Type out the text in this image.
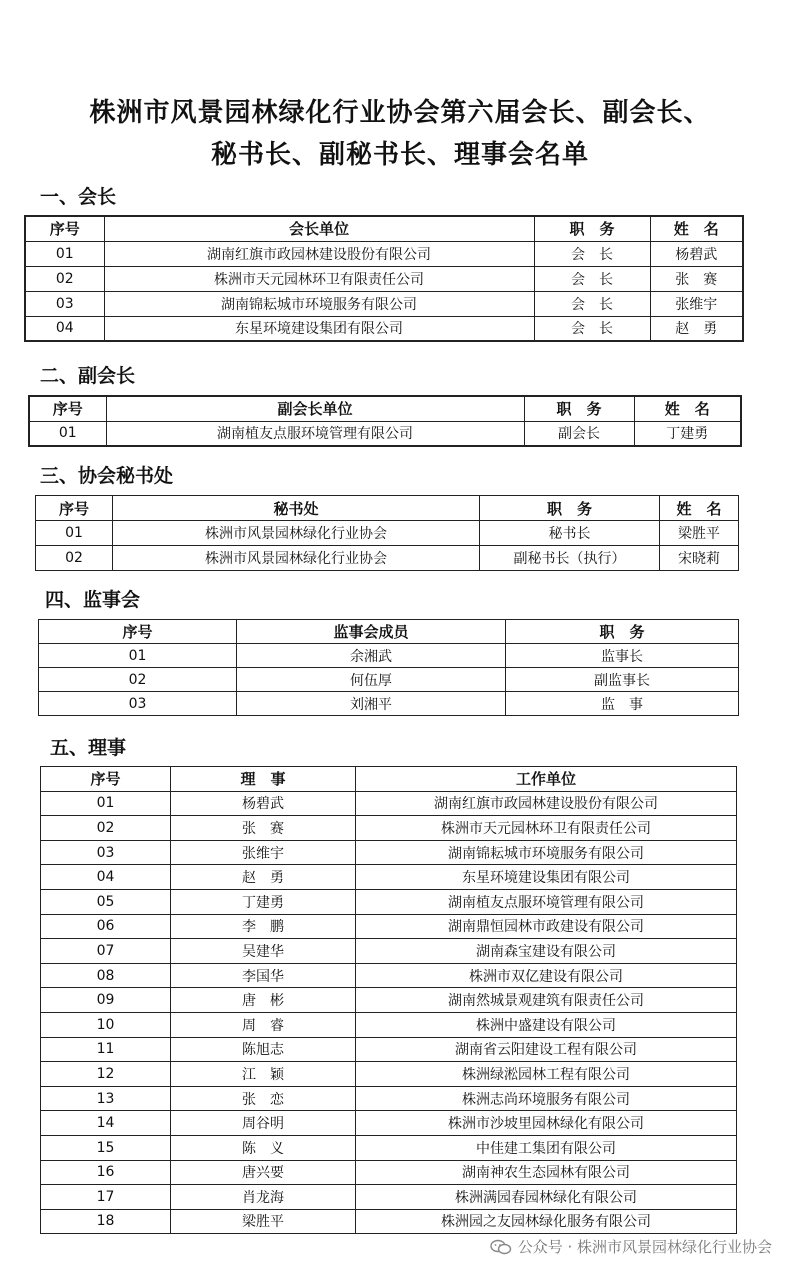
株洲市风景园林绿化行业协会第六届会长、副会长、
秘书长、副秘书长、理事会名单
一、会长
序号	会长单位	职　务	姓　名
01	湖南红旗市政园林建设股份有限公司	会　长	杨碧武
02	株洲市天元园林环卫有限责任公司	会　长	张　赛
03	湖南锦耘城市环境服务有限公司	会　长	张维宇
04	东星环境建设集团有限公司	会　长	赵　勇
二、副会长
序号	副会长单位	职　务	姓　名
01	湖南植友点服环境管理有限公司	副会长	丁建勇
三、协会秘书处
序号	秘书处	职　务	姓　名
01	株洲市风景园林绿化行业协会	秘书长	梁胜平
02	株洲市风景园林绿化行业协会	副秘书长（执行）	宋晓莉
四、监事会
序号	监事会成员	职　务
01	余湘武	监事长
02	何伍厚	副监事长
03	刘湘平	监　事
五、理事
序号	理　事	工作单位
01	杨碧武	湖南红旗市政园林建设股份有限公司
02	张　赛	株洲市天元园林环卫有限责任公司
03	张维宇	湖南锦耘城市环境服务有限公司
04	赵　勇	东星环境建设集团有限公司
05	丁建勇	湖南植友点服环境管理有限公司
06	李　鹏	湖南鼎恒园林市政建设有限公司
07	吴建华	湖南森宝建设有限公司
08	李国华	株洲市双亿建设有限公司
09	唐　彬	湖南然城景观建筑有限责任公司
10	周　睿	株洲中盛建设有限公司
11	陈旭志	湖南省云阳建设工程有限公司
12	江　颖	株洲绿淞园林工程有限公司
13	张　恋	株洲志尚环境服务有限公司
14	周谷明	株洲市沙坡里园林绿化有限公司
15	陈　义	中佳建工集团有限公司
16	唐兴要	湖南神农生态园林有限公司
17	肖龙海	株洲满园春园林绿化有限公司
18	梁胜平	株洲园之友园林绿化服务有限公司
公众号 · 株洲市风景园林绿化行业协会
